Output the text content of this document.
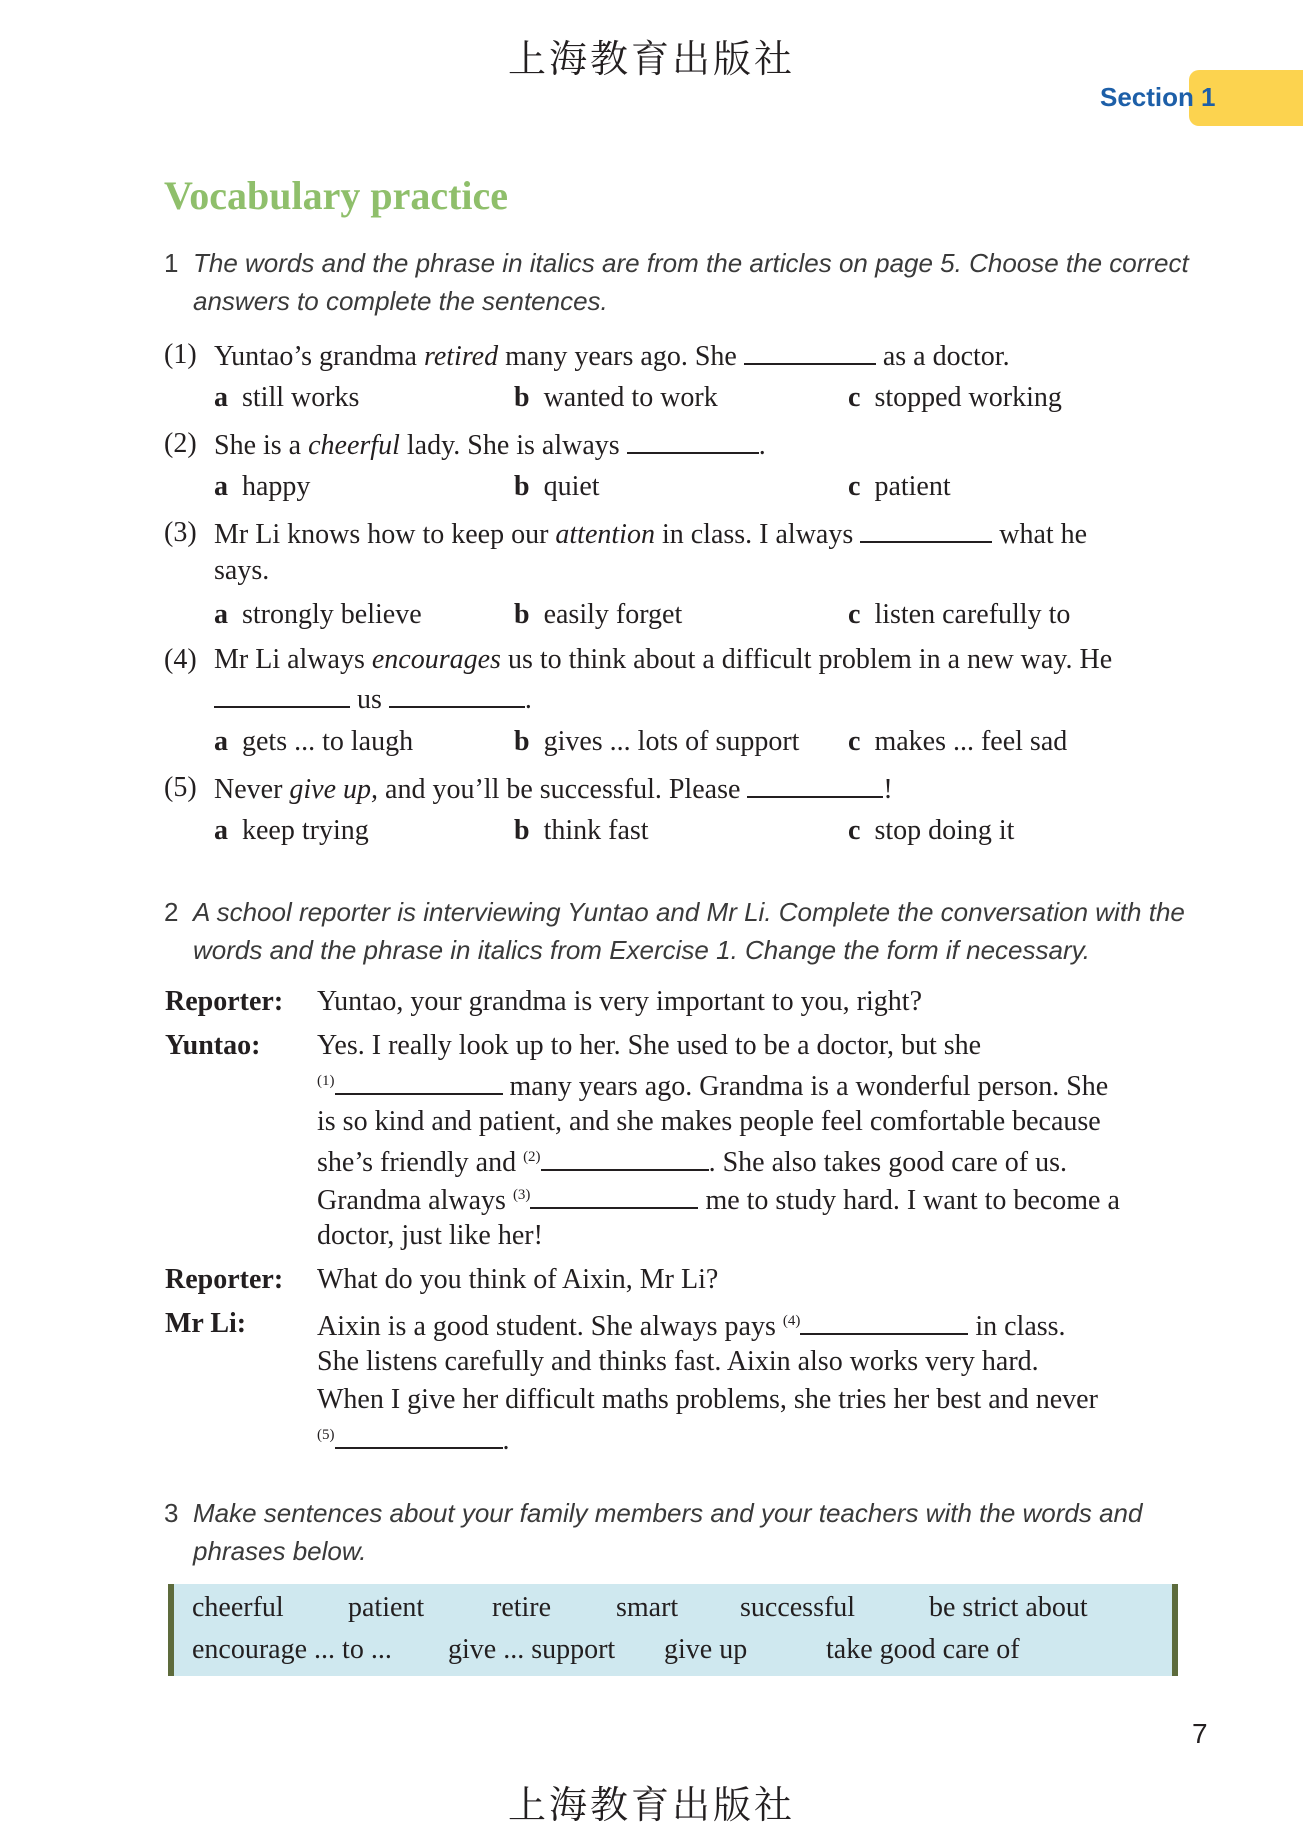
上海教育出版社
Section 1
Vocabulary practice
1 The words and the phrase in italics are from the articles on page 5. Choose the correct
answers to complete the sentences.
(1) Yuntao’s grandma retired many years ago. She	as a doctor.
a still works	b wanted to work	c stopped working
(2) She is a cheerful lady. She is always	.
a happy	b quiet	c patient
(3) Mr Li knows how to keep our attention in class. I always	what he
says.
a strongly believe	b easily forget	c listen carefully to
(4) Mr Li always encourages us to think about a difficult problem in a new way. He
us	.
a gets ... to laugh	b gives ... lots of support c makes ... feel sad
(5) Never give up, and you’ll be successful. Please	!
a keep trying	b think fast	c stop doing it
2 A school reporter is interviewing Yuntao and Mr Li. Complete the conversation with the
words and the phrase in italics from Exercise 1. Change the form if necessary.
Reporter: Yuntao, your grandma is very important to you, right?
Yuntao: Yes. I really look up to her. She used to be a doctor, but she
$^{(1)}$	many years ago. Grandma is a wonderful person. She
is so kind and patient, and she makes people feel comfortable because
she’s friendly and $^{(2)}$	. She also takes good care of us.
Grandma always $^{(3)}$	me to study hard. I want to become a
doctor, just like her!
Reporter: What do you think of Aixin, Mr Li?
Mr Li:	Aixin is a good student. She always pays $^{(4)}$	in class.
She listens carefully and thinks fast. Aixin also works very hard.
When I give her difficult maths problems, she tries her best and never
$^{(5)}$	.
3 Make sentences about your family members and your teachers with the words and
phrases below.
cheerful patient retire smart successful	be strict about
encourage ... to ... give ... support give up	take good care of
7
上海教育出版社
